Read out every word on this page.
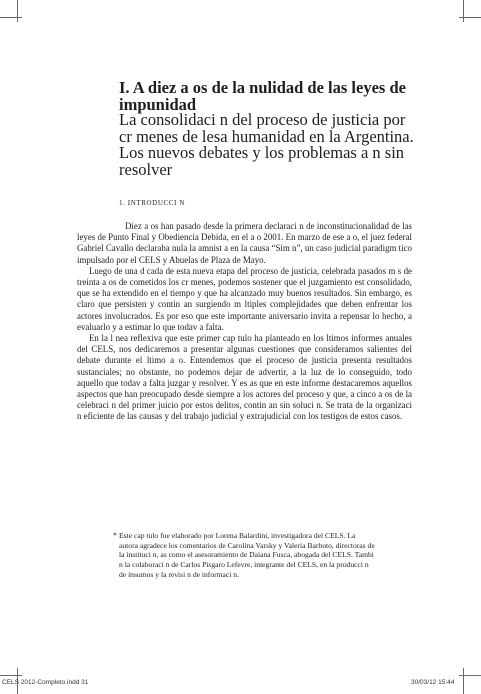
I. A diez a os de la nulidad de las leyes de impunidad
La consolidaci n del proceso de justicia por cr menes de lesa humanidad en la Argentina. Los nuevos debates y los problemas a n sin resolver
1. INTRODUCCI N

Diez a os han pasado desde la primera declaraci n de inconstitucionalidad de las leyes de Punto Final y Obediencia Debida, en el a o 2001. En marzo de ese a o, el juez federal Gabriel Cavallo declaraba nula la amnist a en la causa “Sim n”, un caso judicial paradigm tico impulsado por el CELS y Abuelas de Plaza de Mayo.

Luego de una d cada de esta nueva etapa del proceso de justicia, celebrada pasados m s de treinta a os de cometidos los cr menes, podemos sostener que el juzgamiento est consolidado, que se ha extendido en el tiempo y que ha alcanzado muy buenos resultados. Sin embargo, es claro que persisten y contin an surgiendo m ltiples complejidades que deben enfrentar los actores involucrados. Es por eso que este importante aniversario invita a repensar lo hecho, a evaluarlo y a estimar lo que todav a falta.

En la l nea reflexiva que este primer cap tulo ha planteado en los ltimos informes anuales del CELS, nos dedicaremos a presentar algunas cuestiones que consideramos salientes del debate durante el ltimo a o. Entendemos que el proceso de justicia presenta resultados sustanciales; no obstante, no podemos dejar de advertir, a la luz de lo conseguido, todo aquello que todav a falta juzgar y resolver. Y es as que en este informe destacaremos aquellos aspectos que han preocupado desde siempre a los actores del proceso y que, a cinco a os de la celebraci n del primer juicio por estos delitos, contin an sin soluci n. Se trata de la organizaci n eficiente de las causas y del trabajo judicial y extrajudicial con los testigos de estos casos.

* Este cap tulo fue elaborado por Lorena Balardini, investigadora del CELS. La autora agradece los comentarios de Carolina Varsky y Valeria Barbuto, directoras de la instituci n, as como el asesoramiento de Daiana Fusca, abogada del CELS. Tambi n la colaboraci n de Carlos Pisgaro Lefevre, integrante del CELS, en la producci n de insumos y la revisi n de informaci n.
CELS 2012-Completo.indd 31	30/03/12 15:44
